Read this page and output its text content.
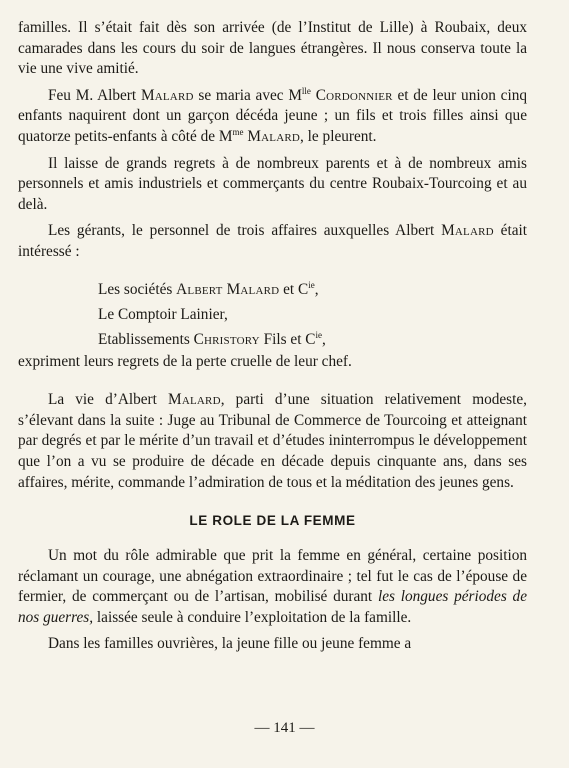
familles. Il s’était fait dès son arrivée (de l’Institut de Lille) à Roubaix, deux camarades dans les cours du soir de langues étrangères. Il nous conserva toute la vie une vive amitié.

Feu M. Albert Malard se maria avec $M^{lle}$ Cordonnier et de leur union cinq enfants naquirent dont un garçon décéda jeune ; un fils et trois filles ainsi que quatorze petits-enfants à côté de $M^{me}$ Malard, le pleurent.

Il laisse de grands regrets à de nombreux parents et à de nombreux amis personnels et amis industriels et commerçants du centre Roubaix-Tourcoing et au delà.

Les gérants, le personnel de trois affaires auxquelles Albert Malard était intéressé :

Les sociétés Albert Malard et $C^{ie}$,
Le Comptoir Lainier,
Etablissements Christory Fils et $C^{ie}$,

expriment leurs regrets de la perte cruelle de leur chef.

La vie d’Albert Malard, parti d’une situation relativement modeste, s’élevant dans la suite : Juge au Tribunal de Commerce de Tourcoing et atteignant par degrés et par le mérite d’un travail et d’études ininterrompus le développement que l’on a vu se produire de décade en décade depuis cinquante ans, dans ses affaires, mérite, commande l’admiration de tous et la méditation des jeunes gens.

LE ROLE DE LA FEMME

Un mot du rôle admirable que prit la femme en général, certaine position réclamant un courage, une abnégation extraordinaire ; tel fut le cas de l’épouse de fermier, de commerçant ou de l’artisan, mobilisé durant les longues périodes de nos guerres, laissée seule à conduire l’exploitation de la famille.

Dans les familles ouvrières, la jeune fille ou jeune femme a

— 141 —
